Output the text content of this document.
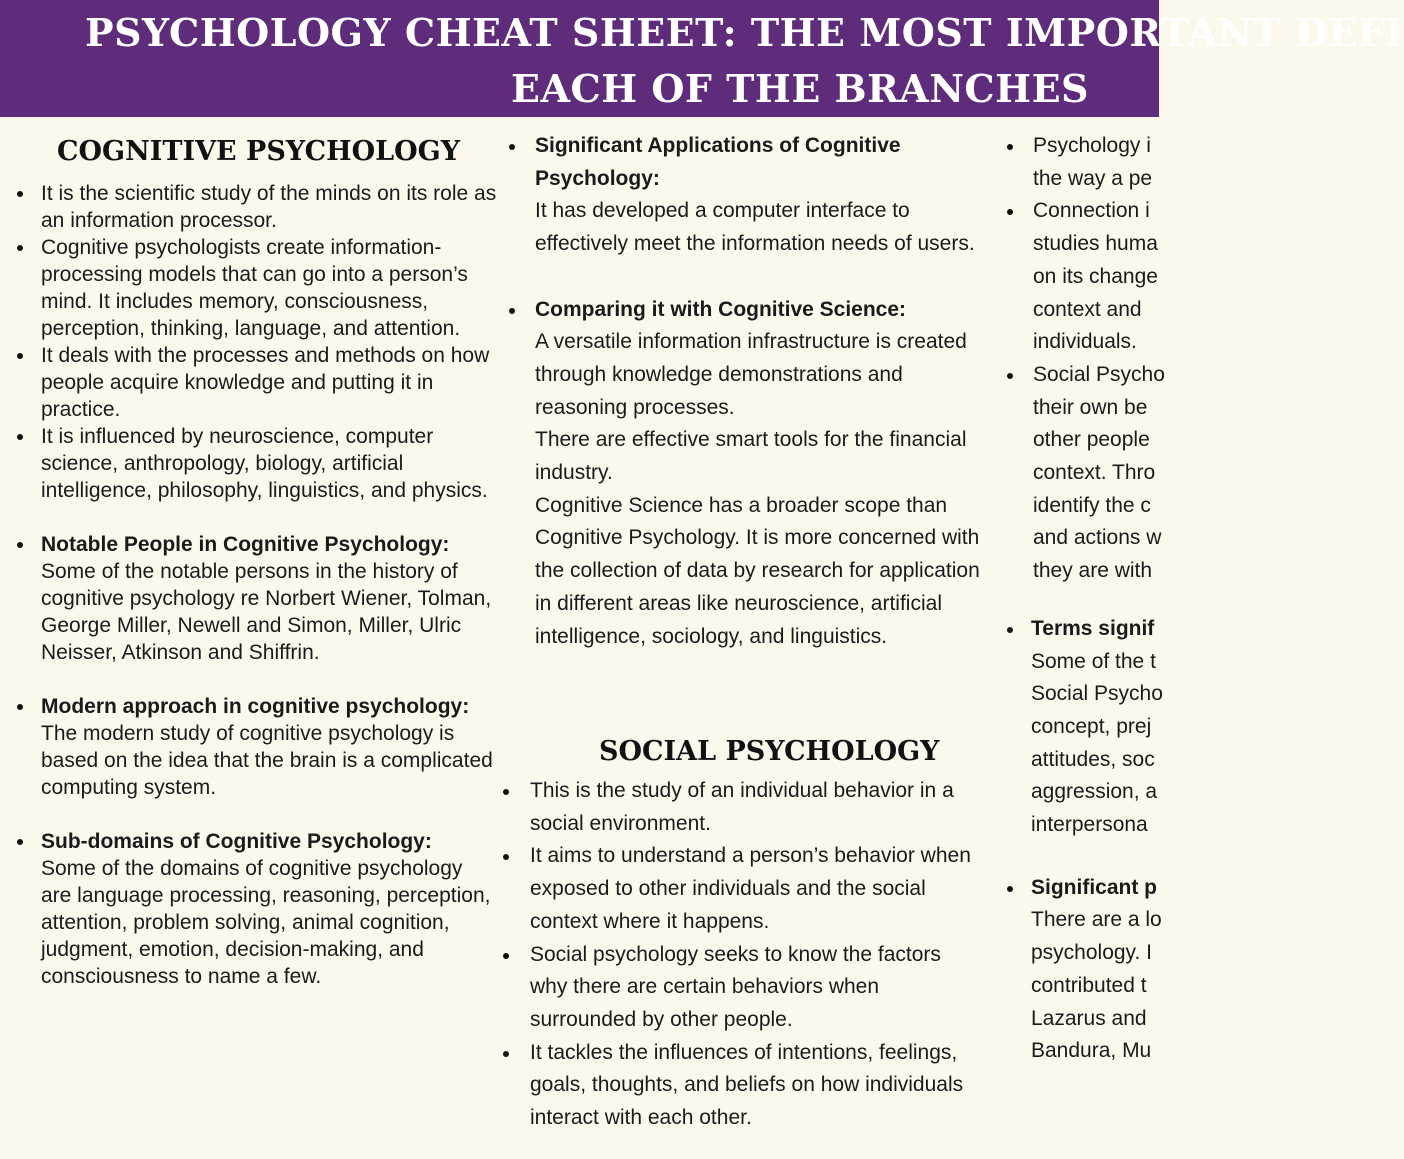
PSYCHOLOGY CHEAT SHEET: THE MOST IMPORTANT DEFI
EACH OF THE BRANCHES
COGNITIVE PSYCHOLOGY
It is the scientific study of the minds on its role as an information processor.
Cognitive psychologists create information-processing models that can go into a person’s mind. It includes memory, consciousness, perception, thinking, language, and attention.
It deals with the processes and methods on how people acquire knowledge and putting it in practice.
It is influenced by neuroscience, computer science, anthropology, biology, artificial intelligence, philosophy, linguistics, and physics.
Notable People in Cognitive Psychology:
Some of the notable persons in the history of cognitive psychology re Norbert Wiener, Tolman, George Miller, Newell and Simon, Miller, Ulric Neisser, Atkinson and Shiffrin.
Modern approach in cognitive psychology:
The modern study of cognitive psychology is based on the idea that the brain is a complicated computing system.
Sub-domains of Cognitive Psychology:
Some of the domains of cognitive psychology are language processing, reasoning, perception, attention, problem solving, animal cognition, judgment, emotion, decision-making, and consciousness to name a few.
Significant Applications of Cognitive Psychology:
It has developed a computer interface to effectively meet the information needs of users.
Comparing it with Cognitive Science:
A versatile information infrastructure is created through knowledge demonstrations and reasoning processes.
There are effective smart tools for the financial industry.
Cognitive Science has a broader scope than Cognitive Psychology. It is more concerned with the collection of data by research for application in different areas like neuroscience, artificial intelligence, sociology, and linguistics.
SOCIAL PSYCHOLOGY
This is the study of an individual behavior in a social environment.
It aims to understand a person’s behavior when exposed to other individuals and the social context where it happens.
Social psychology seeks to know the factors why there are certain behaviors when surrounded by other people.
It tackles the influences of intentions, feelings, goals, thoughts, and beliefs on how individuals interact with each other.
Psychology i
the way a pe
Connection i
studies huma
on its change
context and
individuals.
Social Psycho
their own be
other people
context. Thro
identify the c
and actions w
they are with
Terms signif
Some of the t
Social Psycho
concept, prej
attitudes, soc
aggression, a
interpersona
Significant p
There are a lo
psychology. I
contributed t
Lazarus and
Bandura, Mu
